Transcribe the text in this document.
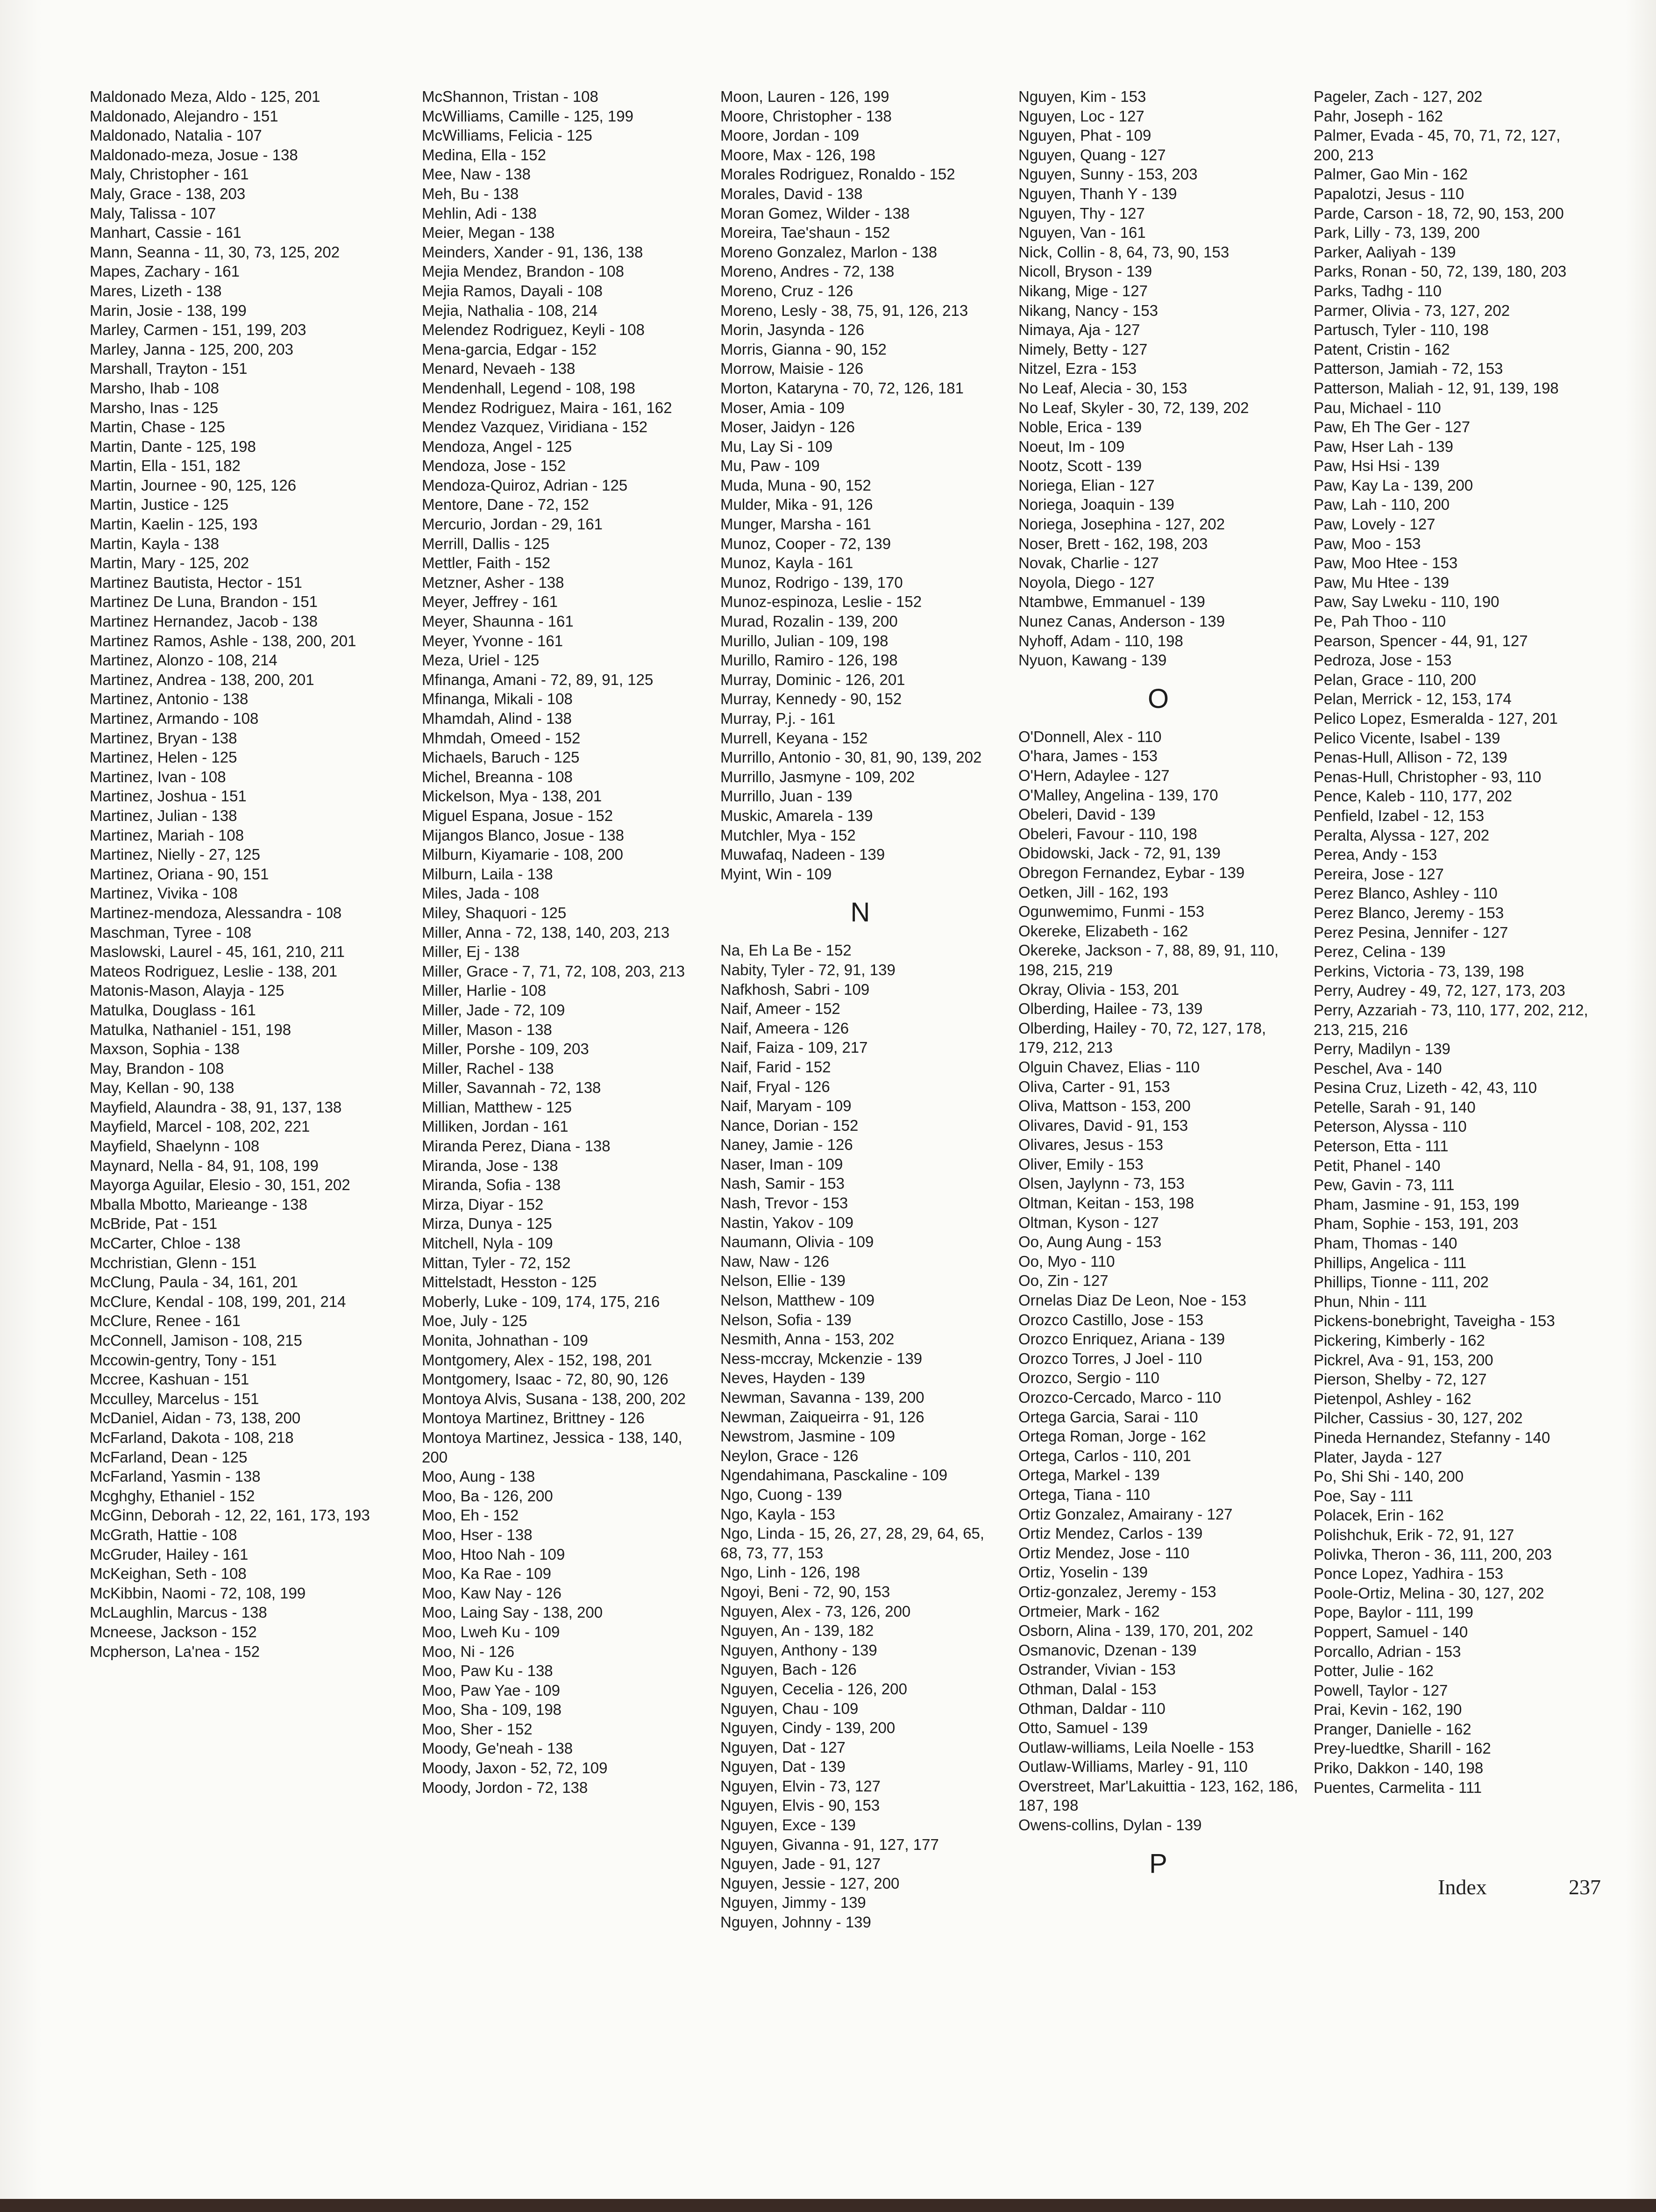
Maldonado Meza, Aldo - 125, 201
Maldonado, Alejandro - 151
Maldonado, Natalia - 107
Maldonado-meza, Josue - 138
Maly, Christopher - 161
Maly, Grace - 138, 203
Maly, Talissa - 107
Manhart, Cassie - 161
Mann, Seanna - 11, 30, 73, 125, 202
Mapes, Zachary - 161
Mares, Lizeth - 138
Marin, Josie - 138, 199
Marley, Carmen - 151, 199, 203
Marley, Janna - 125, 200, 203
Marshall, Trayton - 151
Marsho, Ihab - 108
Marsho, Inas - 125
Martin, Chase - 125
Martin, Dante - 125, 198
Martin, Ella - 151, 182
Martin, Journee - 90, 125, 126
Martin, Justice - 125
Martin, Kaelin - 125, 193
Martin, Kayla - 138
Martin, Mary - 125, 202
Martinez Bautista, Hector - 151
Martinez De Luna, Brandon - 151
Martinez Hernandez, Jacob - 138
Martinez Ramos, Ashle - 138, 200, 201
Martinez, Alonzo - 108, 214
Martinez, Andrea - 138, 200, 201
Martinez, Antonio - 138
Martinez, Armando - 108
Martinez, Bryan - 138
Martinez, Helen - 125
Martinez, Ivan - 108
Martinez, Joshua - 151
Martinez, Julian - 138
Martinez, Mariah - 108
Martinez, Nielly - 27, 125
Martinez, Oriana - 90, 151
Martinez, Vivika - 108
Martinez-mendoza, Alessandra - 108
Maschman, Tyree - 108
Maslowski, Laurel - 45, 161, 210, 211
Mateos Rodriguez, Leslie - 138, 201
Matonis-Mason, Alayja - 125
Matulka, Douglass - 161
Matulka, Nathaniel - 151, 198
Maxson, Sophia - 138
May, Brandon - 108
May, Kellan - 90, 138
Mayfield, Alaundra - 38, 91, 137, 138
Mayfield, Marcel - 108, 202, 221
Mayfield, Shaelynn - 108
Maynard, Nella - 84, 91, 108, 199
Mayorga Aguilar, Elesio - 30, 151, 202
Mballa Mbotto, Marieange - 138
McBride, Pat - 151
McCarter, Chloe - 138
Mcchristian, Glenn - 151
McClung, Paula - 34, 161, 201
McClure, Kendal - 108, 199, 201, 214
McClure, Renee - 161
McConnell, Jamison - 108, 215
Mccowin-gentry, Tony - 151
Mccree, Kashuan - 151
Mcculley, Marcelus - 151
McDaniel, Aidan - 73, 138, 200
McFarland, Dakota - 108, 218
McFarland, Dean - 125
McFarland, Yasmin - 138
Mcghghy, Ethaniel - 152
McGinn, Deborah - 12, 22, 161, 173, 193
McGrath, Hattie - 108
McGruder, Hailey - 161
McKeighan, Seth - 108
McKibbin, Naomi - 72, 108, 199
McLaughlin, Marcus - 138
Mcneese, Jackson - 152
Mcpherson, La'nea - 152
McShannon, Tristan - 108
McWilliams, Camille - 125, 199
McWilliams, Felicia - 125
Medina, Ella - 152
Mee, Naw - 138
Meh, Bu - 138
Mehlin, Adi - 138
Meier, Megan - 138
Meinders, Xander - 91, 136, 138
Mejia Mendez, Brandon - 108
Mejia Ramos, Dayali - 108
Mejia, Nathalia - 108, 214
Melendez Rodriguez, Keyli - 108
Mena-garcia, Edgar - 152
Menard, Nevaeh - 138
Mendenhall, Legend - 108, 198
Mendez Rodriguez, Maira - 161, 162
Mendez Vazquez, Viridiana - 152
Mendoza, Angel - 125
Mendoza, Jose - 152
Mendoza-Quiroz, Adrian - 125
Mentore, Dane - 72, 152
Mercurio, Jordan - 29, 161
Merrill, Dallis - 125
Mettler, Faith - 152
Metzner, Asher - 138
Meyer, Jeffrey - 161
Meyer, Shaunna - 161
Meyer, Yvonne - 161
Meza, Uriel - 125
Mfinanga, Amani - 72, 89, 91, 125
Mfinanga, Mikali - 108
Mhamdah, Alind - 138
Mhmdah, Omeed - 152
Michaels, Baruch - 125
Michel, Breanna - 108
Mickelson, Mya - 138, 201
Miguel Espana, Josue - 152
Mijangos Blanco, Josue - 138
Milburn, Kiyamarie - 108, 200
Milburn, Laila - 138
Miles, Jada - 108
Miley, Shaquori - 125
Miller, Anna - 72, 138, 140, 203, 213
Miller, Ej - 138
Miller, Grace - 7, 71, 72, 108, 203, 213
Miller, Harlie - 108
Miller, Jade - 72, 109
Miller, Mason - 138
Miller, Porshe - 109, 203
Miller, Rachel - 138
Miller, Savannah - 72, 138
Millian, Matthew - 125
Milliken, Jordan - 161
Miranda Perez, Diana - 138
Miranda, Jose - 138
Miranda, Sofia - 138
Mirza, Diyar - 152
Mirza, Dunya - 125
Mitchell, Nyla - 109
Mittan, Tyler - 72, 152
Mittelstadt, Hesston - 125
Moberly, Luke - 109, 174, 175, 216
Moe, July - 125
Monita, Johnathan - 109
Montgomery, Alex - 152, 198, 201
Montgomery, Isaac - 72, 80, 90, 126
Montoya Alvis, Susana - 138, 200, 202
Montoya Martinez, Brittney - 126
Montoya Martinez, Jessica - 138, 140, 200
Moo, Aung - 138
Moo, Ba - 126, 200
Moo, Eh - 152
Moo, Hser - 138
Moo, Htoo Nah - 109
Moo, Ka Rae - 109
Moo, Kaw Nay - 126
Moo, Laing Say - 138, 200
Moo, Lweh Ku - 109
Moo, Ni - 126
Moo, Paw Ku - 138
Moo, Paw Yae - 109
Moo, Sha - 109, 198
Moo, Sher - 152
Moody, Ge'neah - 138
Moody, Jaxon - 52, 72, 109
Moody, Jordon - 72, 138
Moon, Lauren - 126, 199
Moore, Christopher - 138
Moore, Jordan - 109
Moore, Max - 126, 198
Morales Rodriguez, Ronaldo - 152
Morales, David - 138
Moran Gomez, Wilder - 138
Moreira, Tae'shaun - 152
Moreno Gonzalez, Marlon - 138
Moreno, Andres - 72, 138
Moreno, Cruz - 126
Moreno, Lesly - 38, 75, 91, 126, 213
Morin, Jasynda - 126
Morris, Gianna - 90, 152
Morrow, Maisie - 126
Morton, Kataryna - 70, 72, 126, 181
Moser, Amia - 109
Moser, Jaidyn - 126
Mu, Lay Si - 109
Mu, Paw - 109
Muda, Muna - 90, 152
Mulder, Mika - 91, 126
Munger, Marsha - 161
Munoz, Cooper - 72, 139
Munoz, Kayla - 161
Munoz, Rodrigo - 139, 170
Munoz-espinoza, Leslie - 152
Murad, Rozalin - 139, 200
Murillo, Julian - 109, 198
Murillo, Ramiro - 126, 198
Murray, Dominic - 126, 201
Murray, Kennedy - 90, 152
Murray, P.j. - 161
Murrell, Keyana - 152
Murrillo, Antonio - 30, 81, 90, 139, 202
Murrillo, Jasmyne - 109, 202
Murrillo, Juan - 139
Muskic, Amarela - 139
Mutchler, Mya - 152
Muwafaq, Nadeen - 139
Myint, Win - 109
N
Na, Eh La Be - 152
Nabity, Tyler - 72, 91, 139
Nafkhosh, Sabri - 109
Naif, Ameer - 152
Naif, Ameera - 126
Naif, Faiza - 109, 217
Naif, Farid - 152
Naif, Fryal - 126
Naif, Maryam - 109
Nance, Dorian - 152
Naney, Jamie - 126
Naser, Iman - 109
Nash, Samir - 153
Nash, Trevor - 153
Nastin, Yakov - 109
Naumann, Olivia - 109
Naw, Naw - 126
Nelson, Ellie - 139
Nelson, Matthew - 109
Nelson, Sofia - 139
Nesmith, Anna - 153, 202
Ness-mccray, Mckenzie - 139
Neves, Hayden - 139
Newman, Savanna - 139, 200
Newman, Zaiqueirra - 91, 126
Newstrom, Jasmine - 109
Neylon, Grace - 126
Ngendahimana, Pasckaline - 109
Ngo, Cuong - 139
Ngo, Kayla - 153
Ngo, Linda - 15, 26, 27, 28, 29, 64, 65, 68, 73, 77, 153
Ngo, Linh - 126, 198
Ngoyi, Beni - 72, 90, 153
Nguyen, Alex - 73, 126, 200
Nguyen, An - 139, 182
Nguyen, Anthony - 139
Nguyen, Bach - 126
Nguyen, Cecelia - 126, 200
Nguyen, Chau - 109
Nguyen, Cindy - 139, 200
Nguyen, Dat - 127
Nguyen, Dat - 139
Nguyen, Elvin - 73, 127
Nguyen, Elvis - 90, 153
Nguyen, Exce - 139
Nguyen, Givanna - 91, 127, 177
Nguyen, Jade - 91, 127
Nguyen, Jessie - 127, 200
Nguyen, Jimmy - 139
Nguyen, Johnny - 139
Nguyen, Kim - 153
Nguyen, Loc - 127
Nguyen, Phat - 109
Nguyen, Quang - 127
Nguyen, Sunny - 153, 203
Nguyen, Thanh Y - 139
Nguyen, Thy - 127
Nguyen, Van - 161
Nick, Collin - 8, 64, 73, 90, 153
Nicoll, Bryson - 139
Nikang, Mige - 127
Nikang, Nancy - 153
Nimaya, Aja - 127
Nimely, Betty - 127
Nitzel, Ezra - 153
No Leaf, Alecia - 30, 153
No Leaf, Skyler - 30, 72, 139, 202
Noble, Erica - 139
Noeut, Im - 109
Nootz, Scott - 139
Noriega, Elian - 127
Noriega, Joaquin - 139
Noriega, Josephina - 127, 202
Noser, Brett - 162, 198, 203
Novak, Charlie - 127
Noyola, Diego - 127
Ntambwe, Emmanuel - 139
Nunez Canas, Anderson - 139
Nyhoff, Adam - 110, 198
Nyuon, Kawang - 139
O
O'Donnell, Alex - 110
O'hara, James - 153
O'Hern, Adaylee - 127
O'Malley, Angelina - 139, 170
Obeleri, David - 139
Obeleri, Favour - 110, 198
Obidowski, Jack - 72, 91, 139
Obregon Fernandez, Eybar - 139
Oetken, Jill - 162, 193
Ogunwemimo, Funmi - 153
Okereke, Elizabeth - 162
Okereke, Jackson - 7, 88, 89, 91, 110, 198, 215, 219
Okray, Olivia - 153, 201
Olberding, Hailee - 73, 139
Olberding, Hailey - 70, 72, 127, 178, 179, 212, 213
Olguin Chavez, Elias - 110
Oliva, Carter - 91, 153
Oliva, Mattson - 153, 200
Olivares, David - 91, 153
Olivares, Jesus - 153
Oliver, Emily - 153
Olsen, Jaylynn - 73, 153
Oltman, Keitan - 153, 198
Oltman, Kyson - 127
Oo, Aung Aung - 153
Oo, Myo - 110
Oo, Zin - 127
Ornelas Diaz De Leon, Noe - 153
Orozco Castillo, Jose - 153
Orozco Enriquez, Ariana - 139
Orozco Torres, J Joel - 110
Orozco, Sergio - 110
Orozco-Cercado, Marco - 110
Ortega Garcia, Sarai - 110
Ortega Roman, Jorge - 162
Ortega, Carlos - 110, 201
Ortega, Markel - 139
Ortega, Tiana - 110
Ortiz Gonzalez, Amairany - 127
Ortiz Mendez, Carlos - 139
Ortiz Mendez, Jose - 110
Ortiz, Yoselin - 139
Ortiz-gonzalez, Jeremy - 153
Ortmeier, Mark - 162
Osborn, Alina - 139, 170, 201, 202
Osmanovic, Dzenan - 139
Ostrander, Vivian - 153
Othman, Dalal - 153
Othman, Daldar - 110
Otto, Samuel - 139
Outlaw-williams, Leila Noelle - 153
Outlaw-Williams, Marley - 91, 110
Overstreet, Mar'Lakuittia - 123, 162, 186, 187, 198
Owens-collins, Dylan - 139
P
Pageler, Zach - 127, 202
Pahr, Joseph - 162
Palmer, Evada - 45, 70, 71, 72, 127, 200, 213
Palmer, Gao Min - 162
Papalotzi, Jesus - 110
Parde, Carson - 18, 72, 90, 153, 200
Park, Lilly - 73, 139, 200
Parker, Aaliyah - 139
Parks, Ronan - 50, 72, 139, 180, 203
Parks, Tadhg - 110
Parmer, Olivia - 73, 127, 202
Partusch, Tyler - 110, 198
Patent, Cristin - 162
Patterson, Jamiah - 72, 153
Patterson, Maliah - 12, 91, 139, 198
Pau, Michael - 110
Paw, Eh The Ger - 127
Paw, Hser Lah - 139
Paw, Hsi Hsi - 139
Paw, Kay La - 139, 200
Paw, Lah - 110, 200
Paw, Lovely - 127
Paw, Moo - 153
Paw, Moo Htee - 153
Paw, Mu Htee - 139
Paw, Say Lweku - 110, 190
Pe, Pah Thoo - 110
Pearson, Spencer - 44, 91, 127
Pedroza, Jose - 153
Pelan, Grace - 110, 200
Pelan, Merrick - 12, 153, 174
Pelico Lopez, Esmeralda - 127, 201
Pelico Vicente, Isabel - 139
Penas-Hull, Allison - 72, 139
Penas-Hull, Christopher - 93, 110
Pence, Kaleb - 110, 177, 202
Penfield, Izabel - 12, 153
Peralta, Alyssa - 127, 202
Perea, Andy - 153
Pereira, Jose - 127
Perez Blanco, Ashley - 110
Perez Blanco, Jeremy - 153
Perez Pesina, Jennifer - 127
Perez, Celina - 139
Perkins, Victoria - 73, 139, 198
Perry, Audrey - 49, 72, 127, 173, 203
Perry, Azzariah - 73, 110, 177, 202, 212, 213, 215, 216
Perry, Madilyn - 139
Peschel, Ava - 140
Pesina Cruz, Lizeth - 42, 43, 110
Petelle, Sarah - 91, 140
Peterson, Alyssa - 110
Peterson, Etta - 111
Petit, Phanel - 140
Pew, Gavin - 73, 111
Pham, Jasmine - 91, 153, 199
Pham, Sophie - 153, 191, 203
Pham, Thomas - 140
Phillips, Angelica - 111
Phillips, Tionne - 111, 202
Phun, Nhin - 111
Pickens-bonebright, Taveigha - 153
Pickering, Kimberly - 162
Pickrel, Ava - 91, 153, 200
Pierson, Shelby - 72, 127
Pietenpol, Ashley - 162
Pilcher, Cassius - 30, 127, 202
Pineda Hernandez, Stefanny - 140
Plater, Jayda - 127
Po, Shi Shi - 140, 200
Poe, Say - 111
Polacek, Erin - 162
Polishchuk, Erik - 72, 91, 127
Polivka, Theron - 36, 111, 200, 203
Ponce Lopez, Yadhira - 153
Poole-Ortiz, Melina - 30, 127, 202
Pope, Baylor - 111, 199
Poppert, Samuel - 140
Porcallo, Adrian - 153
Potter, Julie - 162
Powell, Taylor - 127
Prai, Kevin - 162, 190
Pranger, Danielle - 162
Prey-luedtke, Sharill - 162
Priko, Dakkon - 140, 198
Puentes, Carmelita - 111
Index	237
